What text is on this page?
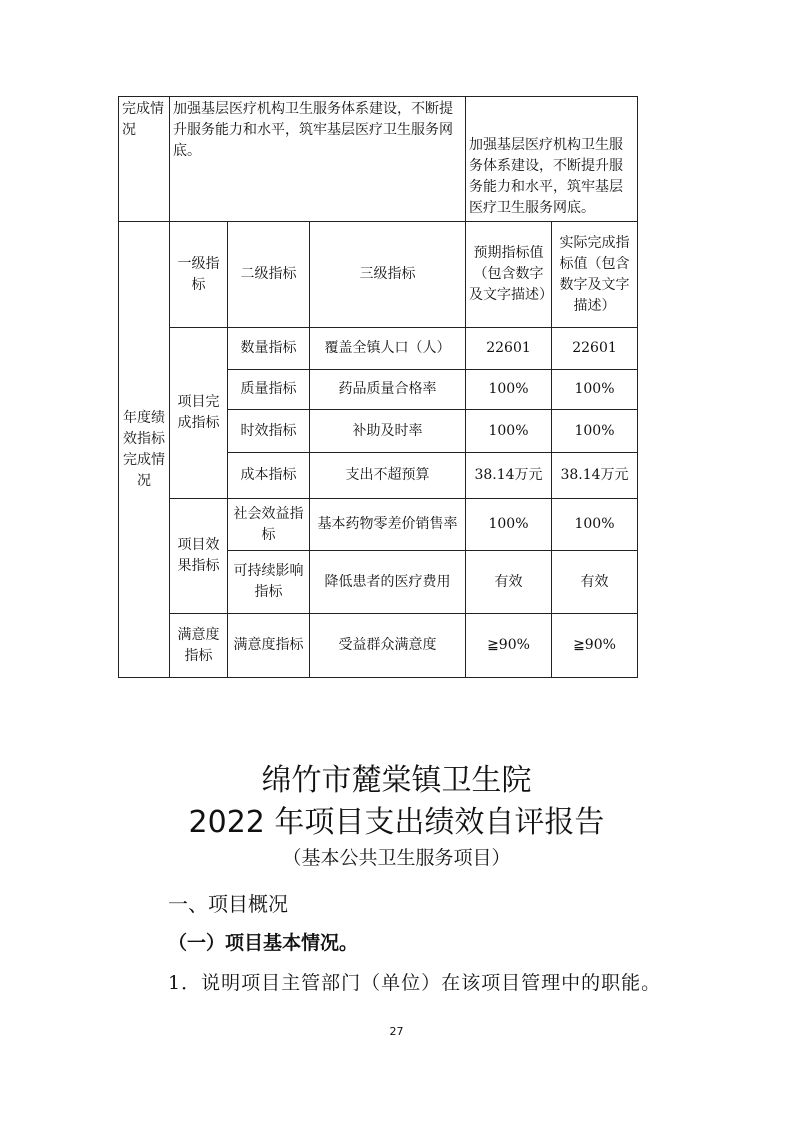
完成情况	加强基层医疗机构卫生服务体系建设，不断提升服务能力和水平，筑牢基层医疗卫生服务网底。			加强基层医疗机构卫生服务体系建设，不断提升服务能力和水平，筑牢基层医疗卫生服务网底。	
年度绩效指标完成情况	一级指标	二级指标	三级指标	预期指标值（包含数字及文字描述）	实际完成指标值（包含数字及文字描述）
	项目完成指标	数量指标	覆盖全镇人口（人）	22601	22601
		质量指标	药品质量合格率	100%	100%
		时效指标	补助及时率	100%	100%
		成本指标	支出不超预算	38.14万元	38.14万元
	项目效果指标	社会效益指标	基本药物零差价销售率	100%	100%
		可持续影响指标	降低患者的医疗费用	有效	有效
	满意度指标	满意度指标	受益群众满意度	≧90%	≧90%
绵竹市麓棠镇卫生院
2022 年项目支出绩效自评报告
（基本公共卫生服务项目）
一、项目概况
（一）项目基本情况。
1．说明项目主管部门（单位）在该项目管理中的职能。
27
